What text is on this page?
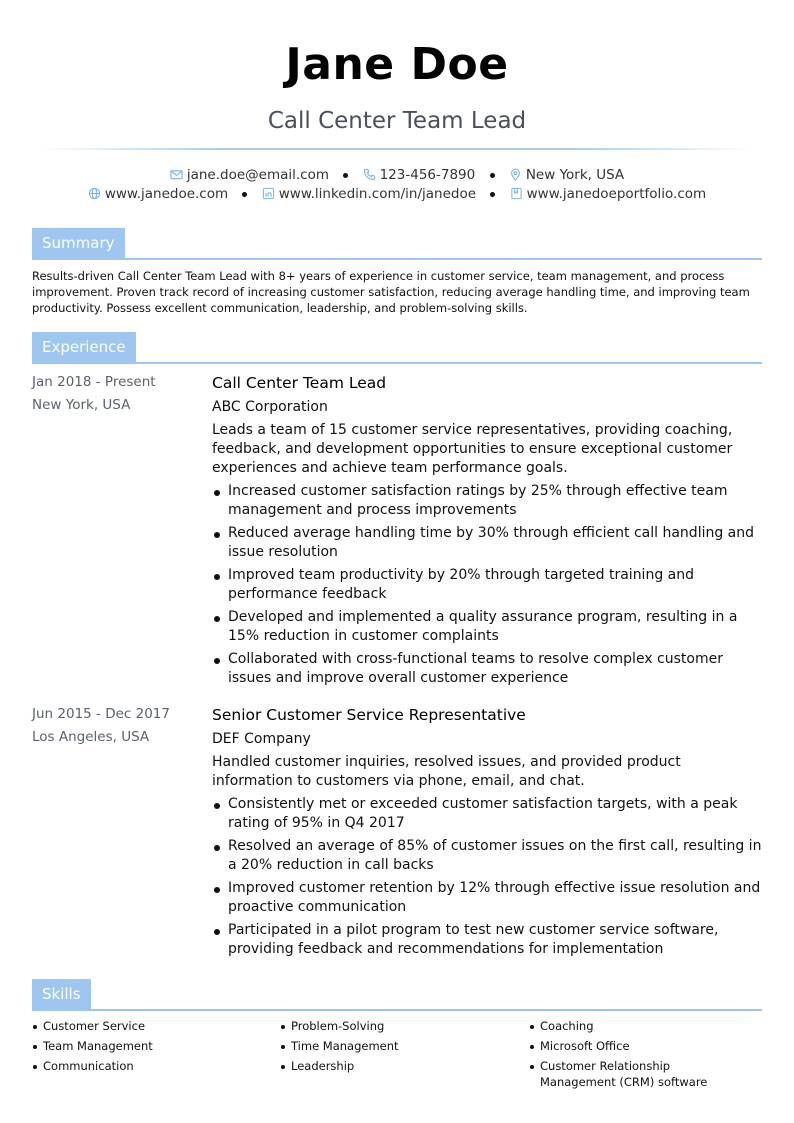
Jane Doe
Call Center Team Lead
jane.doe@email.com	123-456-7890	New York, USA
www.janedoe.com	www.linkedin.com/in/janedoe	www.janedoeportfolio.com
Summary
Results-driven Call Center Team Lead with 8+ years of experience in customer service, team management, and process improvement. Proven track record of increasing customer satisfaction, reducing average handling time, and improving team productivity. Possess excellent communication, leadership, and problem-solving skills.
Experience
Jan 2018 - Present
New York, USA
Call Center Team Lead
ABC Corporation
Leads a team of 15 customer service representatives, providing coaching, feedback, and development opportunities to ensure exceptional customer experiences and achieve team performance goals.
Increased customer satisfaction ratings by 25% through effective team management and process improvements
Reduced average handling time by 30% through efficient call handling and issue resolution
Improved team productivity by 20% through targeted training and performance feedback
Developed and implemented a quality assurance program, resulting in a 15% reduction in customer complaints
Collaborated with cross-functional teams to resolve complex customer issues and improve overall customer experience
Jun 2015 - Dec 2017
Los Angeles, USA
Senior Customer Service Representative
DEF Company
Handled customer inquiries, resolved issues, and provided product information to customers via phone, email, and chat.
Consistently met or exceeded customer satisfaction targets, with a peak rating of 95% in Q4 2017
Resolved an average of 85% of customer issues on the first call, resulting in a 20% reduction in call backs
Improved customer retention by 12% through effective issue resolution and proactive communication
Participated in a pilot program to test new customer service software, providing feedback and recommendations for implementation
Skills
Customer Service
Team Management
Communication
Problem-Solving
Time Management
Leadership
Coaching
Microsoft Office
Customer Relationship Management (CRM) software
